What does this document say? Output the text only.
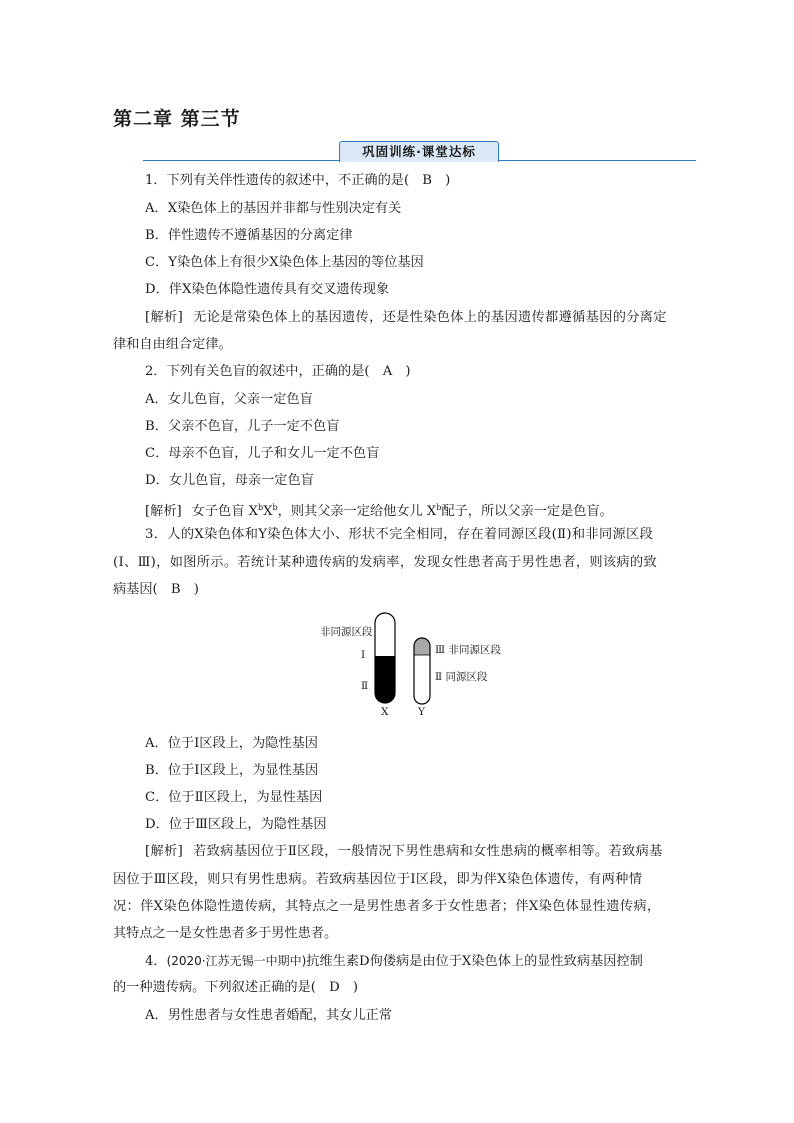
第二章 第三节
巩固训练·课堂达标
1．下列有关伴性遗传的叙述中，不正确的是(　B　)
A．X染色体上的基因并非都与性别决定有关
B．伴性遗传不遵循基因的分离定律
C．Y染色体上有很少X染色体上基因的等位基因
D．伴X染色体隐性遗传具有交叉遗传现象
[解析] 无论是常染色体上的基因遗传，还是性染色体上的基因遗传都遵循基因的分离定
律和自由组合定律。
2．下列有关色盲的叙述中，正确的是(　A　)
A．女儿色盲，父亲一定色盲
B．父亲不色盲，儿子一定不色盲
C．母亲不色盲，儿子和女儿一定不色盲
D．女儿色盲，母亲一定色盲
[解析] 女子色盲 $X^bX^b$，则其父亲一定给他女儿 $X^b$配子，所以父亲一定是色盲。
3．人的X染色体和Y染色体大小、形状不完全相同，存在着同源区段(Ⅱ)和非同源区段
(Ⅰ、Ⅲ)，如图所示。若统计某种遗传病的发病率，发现女性患者高于男性患者，则该病的致
病基因(　B　)
非同源区段
Ⅰ
Ⅱ
X	Y
Ⅲ 非同源区段
Ⅱ 同源区段
A．位于Ⅰ区段上，为隐性基因
B．位于Ⅰ区段上，为显性基因
C．位于Ⅱ区段上，为显性基因
D．位于Ⅲ区段上，为隐性基因
[解析] 若致病基因位于Ⅱ区段，一般情况下男性患病和女性患病的概率相等。若致病基
因位于Ⅲ区段，则只有男性患病。若致病基因位于Ⅰ区段，即为伴X染色体遗传，有两种情
况：伴X染色体隐性遗传病，其特点之一是男性患者多于女性患者；伴X染色体显性遗传病，
其特点之一是女性患者多于男性患者。
4．(2020·江苏无锡一中期中)抗维生素D佝偻病是由位于X染色体上的显性致病基因控制
的一种遗传病。下列叙述正确的是(　D　)
A．男性患者与女性患者婚配，其女儿正常
